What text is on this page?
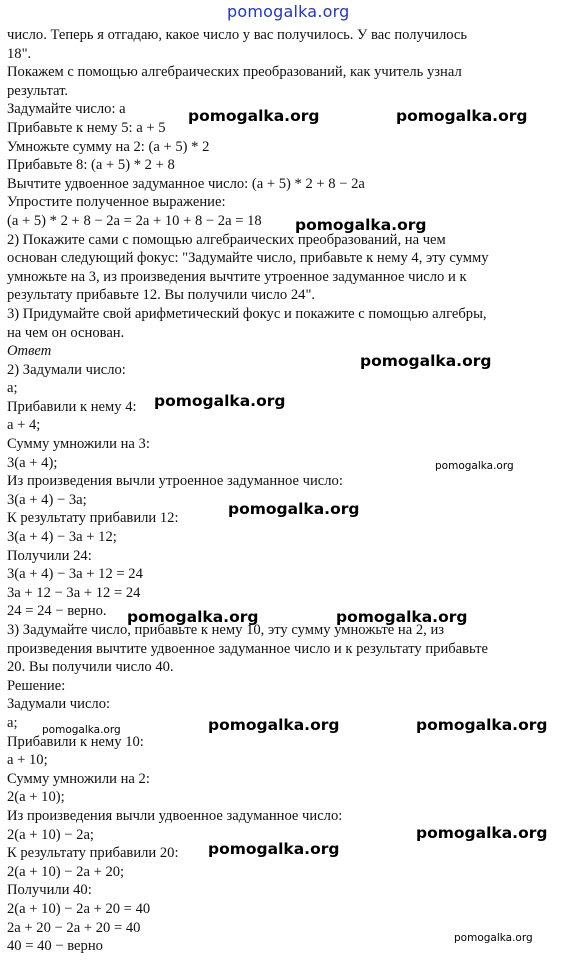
pomogalka.org
число. Теперь я отгадаю, какое число у вас получилось. У вас получилось
18".
Покажем с помощью алгебраических преобразований, как учитель узнал
результат.
Задумайте число: а
Прибавьте к нему 5: а + 5
Умножьте сумму на 2: (а + 5) * 2
Прибавьте 8: (а + 5) * 2 + 8
Вычтите удвоенное задуманное число: (а + 5) * 2 + 8 − 2а
Упростите полученное выражение:
(а + 5) * 2 + 8 − 2а = 2а + 10 + 8 − 2а = 18
2) Покажите сами с помощью алгебраических преобразований, на чем
основан следующий фокус: "Задумайте число, прибавьте к нему 4, эту сумму
умножьте на 3, из произведения вычтите утроенное задуманное число и к
результату прибавьте 12. Вы получили число 24".
3) Придумайте свой арифметический фокус и покажите с помощью алгебры,
на чем он основан.
Ответ
2) Задумали число:
a;
Прибавили к нему 4:
a + 4;
Сумму умножили на 3:
3(a + 4);
Из произведения вычли утроенное задуманное число:
3(a + 4) − 3a;
К результату прибавили 12:
3(a + 4) − 3a + 12;
Получили 24:
3(a + 4) − 3a + 12 = 24
3a + 12 − 3a + 12 = 24
24 = 24 − верно.
3) Задумайте число, прибавьте к нему 10, эту сумму умножьте на 2, из
произведения вычтите удвоенное задуманное число и к результату прибавьте
20. Вы получили число 40.
Решение:
Задумали число:
a;
Прибавили к нему 10:
a + 10;
Сумму умножили на 2:
2(a + 10);
Из произведения вычли удвоенное задуманное число:
2(a + 10) − 2a;
К результату прибавили 20:
2(a + 10) − 2a + 20;
Получили 40:
2(a + 10) − 2a + 20 = 40
2a + 20 − 2a + 20 = 40
40 = 40 − верно
pomogalka.org	pomogalka.org
pomogalka.org
pomogalka.org
pomogalka.org
pomogalka.org
pomogalka.org
pomogalka.org	pomogalka.org
pomogalka.org	pomogalka.org
pomogalka.org
pomogalka.org
pomogalka.org
pomogalka.org
